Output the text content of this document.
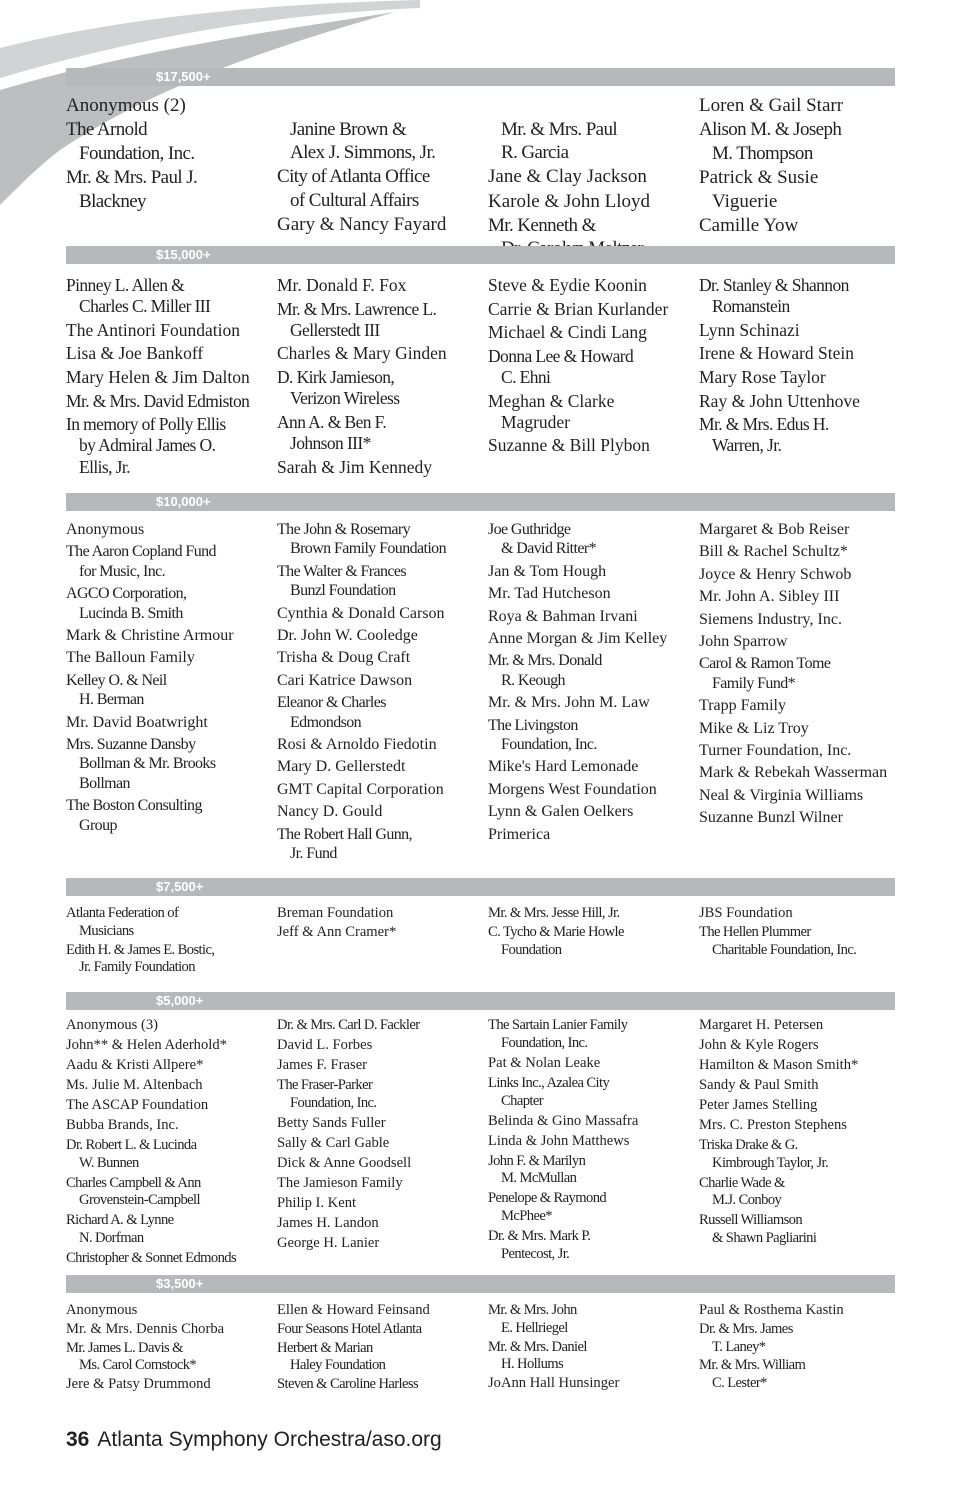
$17,500+
Anonymous (2)
The Arnold
Foundation, Inc.
Mr. & Mrs. Paul J.
Blackney

Janine Brown &
Alex J. Simmons, Jr.
City of Atlanta Office
of Cultural Affairs
Gary & Nancy Fayard

Mr. & Mrs. Paul
R. Garcia
Jane & Clay Jackson
Karole & John Lloyd
Mr. Kenneth &

Loren & Gail Starr
Alison M. & Joseph
M. Thompson
Patrick & Susie
Viguerie
Camille Yow
$15,000+
Pinney L. Allen &
Charles C. Miller III
The Antinori Foundation
Lisa & Joe Bankoff
Mary Helen & Jim Dalton
Mr. & Mrs. David Edmiston
In memory of Polly Ellis
by Admiral James O.
Ellis, Jr.
Mr. Donald F. Fox
Mr. & Mrs. Lawrence L.
Gellerstedt III
Charles & Mary Ginden
D. Kirk Jamieson,
Verizon Wireless
Ann A. & Ben F.
Johnson III*
Sarah & Jim Kennedy
Steve & Eydie Koonin
Carrie & Brian Kurlander
Michael & Cindi Lang
Donna Lee & Howard
C. Ehni
Meghan & Clarke
Magruder
Suzanne & Bill Plybon
Dr. Stanley & Shannon
Romanstein
Lynn Schinazi
Irene & Howard Stein
Mary Rose Taylor
Ray & John Uttenhove
Mr. & Mrs. Edus H.
Warren, Jr.
$10,000+
Anonymous
The Aaron Copland Fund
for Music, Inc.
AGCO Corporation,
Lucinda B. Smith
Mark & Christine Armour
The Balloun Family
Kelley O. & Neil
H. Berman
Mr. David Boatwright
Mrs. Suzanne Dansby
Bollman & Mr. Brooks
Bollman
The Boston Consulting
Group
The John & Rosemary
Brown Family Foundation
The Walter & Frances
Bunzl Foundation
Cynthia & Donald Carson
Dr. John W. Cooledge
Trisha & Doug Craft
Cari Katrice Dawson
Eleanor & Charles
Edmondson
Rosi & Arnoldo Fiedotin
Mary D. Gellerstedt
GMT Capital Corporation
Nancy D. Gould
The Robert Hall Gunn,
Jr. Fund
Joe Guthridge
& David Ritter*
Jan & Tom Hough
Mr. Tad Hutcheson
Roya & Bahman Irvani
Anne Morgan & Jim Kelley
Mr. & Mrs. Donald
R. Keough
Mr. & Mrs. John M. Law
The Livingston
Foundation, Inc.
Mike's Hard Lemonade
Morgens West Foundation
Lynn & Galen Oelkers
Primerica
Margaret & Bob Reiser
Bill & Rachel Schultz*
Joyce & Henry Schwob
Mr. John A. Sibley III
Siemens Industry, Inc.
John Sparrow
Carol & Ramon Tome
Family Fund*
Trapp Family
Mike & Liz Troy
Turner Foundation, Inc.
Mark & Rebekah Wasserman
Neal & Virginia Williams
Suzanne Bunzl Wilner
$7,500+
Atlanta Federation of
Musicians
Edith H. & James E. Bostic,
Jr. Family Foundation
Breman Foundation
Jeff & Ann Cramer*
Mr. & Mrs. Jesse Hill, Jr.
C. Tycho & Marie Howle
Foundation
JBS Foundation
The Hellen Plummer
Charitable Foundation, Inc.
$5,000+
Anonymous (3)
John** & Helen Aderhold*
Aadu & Kristi Allpere*
Ms. Julie M. Altenbach
The ASCAP Foundation
Bubba Brands, Inc.
Dr. Robert L. & Lucinda
W. Bunnen
Charles Campbell & Ann
Grovenstein-Campbell
Richard A. & Lynne
N. Dorfman
Christopher & Sonnet Edmonds
Dr. & Mrs. Carl D. Fackler
David L. Forbes
James F. Fraser
The Fraser-Parker
Foundation, Inc.
Betty Sands Fuller
Sally & Carl Gable
Dick & Anne Goodsell
The Jamieson Family
Philip I. Kent
James H. Landon
George H. Lanier
The Sartain Lanier Family
Foundation, Inc.
Pat & Nolan Leake
Links Inc., Azalea City
Chapter
Belinda & Gino Massafra
Linda & John Matthews
John F. & Marilyn
M. McMullan
Penelope & Raymond
McPhee*
Dr. & Mrs. Mark P.
Pentecost, Jr.
Margaret H. Petersen
John & Kyle Rogers
Hamilton & Mason Smith*
Sandy & Paul Smith
Peter James Stelling
Mrs. C. Preston Stephens
Triska Drake & G.
Kimbrough Taylor, Jr.
Charlie Wade &
M.J. Conboy
Russell Williamson
& Shawn Pagliarini
$3,500+
Anonymous
Mr. & Mrs. Dennis Chorba
Mr. James L. Davis &
Ms. Carol Comstock*
Jere & Patsy Drummond
Ellen & Howard Feinsand
Four Seasons Hotel Atlanta
Herbert & Marian
Haley Foundation
Steven & Caroline Harless
Mr. & Mrs. John
E. Hellriegel
Mr. & Mrs. Daniel
H. Hollums
JoAnn Hall Hunsinger
Paul & Rosthema Kastin
Dr. & Mrs. James
T. Laney*
Mr. & Mrs. William
C. Lester*
36 Atlanta Symphony Orchestra/aso.org
